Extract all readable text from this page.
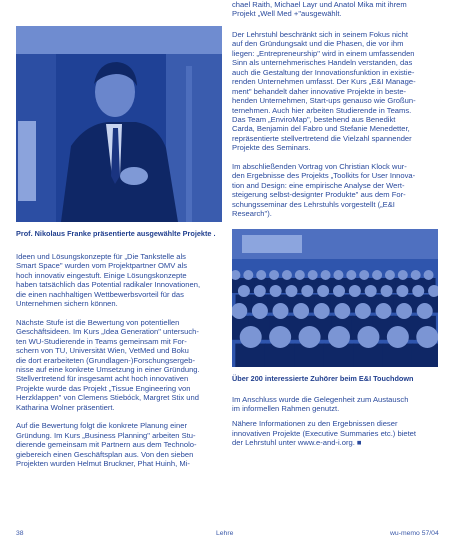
Prof. Nikolaus Franke präsentierte ausgewählte Projekte .

Ideen und Lösungskonzepte für „Die Tankstelle als

Smart Space" wurden vom Projektpartner OMV als

hoch innovativ eingestuft. Einige Lösungskonzepte

haben tatsächlich das Potential radikaler Innovationen,

die einen nachhaltigen Wettbewerbsvorteil für das

Unternehmen sichern können.

Nächste Stufe ist die Bewertung von potentiellen

Geschäftsideen. Im Kurs „Idea Generation" untersuch-

ten WU-Studierende in Teams gemeinsam mit For-

schern von TU, Universität Wien, VetMed und Boku

die dort erarbeiteten (Grundlagen-)Forschungsergeb-

nisse auf eine konkrete Umsetzung in einer Gründung.

Stellvertretend für insgesamt acht hoch innovativen

Projekte wurde das Projekt „Tissue Engineering von

Herzklappen" von Clemens Stiebóck, Margret Stix und

Katharina Wolner präsentiert.

Auf die Bewertung folgt die konkrete Planung einer

Gründung. Im Kurs „Business Planning" arbeiten Stu-

dierende gemeinsam mit Partnern aus dem Technolo-

giebereich einen Geschäftsplan aus. Von den sieben

Projekten wurden Helmut Bruckner, Phat Huinh, Mi-

chael Raith, Michael Layr und Anatol Mika mit ihrem

Projekt „Well Med +"ausgewählt.

Der Lehrstuhl beschränkt sich in seinem Fokus nicht

auf den Gründungsakt und die Phasen, die vor ihm

liegen: „Entrepreneurship" wird in einem umfassenden

Sinn als unternehmerisches Handeln verstanden, das

auch die Gestaltung der Innovationsfunktion in existie-

renden Unternehmen umfasst. Der Kurs „E&I Manage-

ment" behandelt daher innovative Projekte in beste-

henden Unternehmen, Start-ups genauso wie Großun-

ternehmen. Auch hier arbeiten Studierende in Teams.

Das Team „EnviroMap", bestehend aus Benedikt

Carda, Benjamin del Fabro und Stefanie Menedetter,

repräsentierte stellvertretend die Vielzahl spannender

Projekte des Seminars.

Im abschließenden Vortrag von Christian Klock wur-

den Ergebnisse des Projekts „Toolkits for User Innova-

tion and Design: eine empirische Analyse der Wert-

steigerung selbst-designter Produkte" aus dem For-

schungsseminar des Lehrstuhls vorgestellt („E&I

Research").

Über 200 interessierte Zuhörer beim E&I Touchdown

Im Anschluss wurde die Gelegenheit zum Austausch

im informellen Rahmen genutzt.

Nähere Informationen zu den Ergebnissen dieser

innovativen Projekte (Executive Summaries etc.) bietet

der Lehrstuhl unter www.e-and-i.org. ■

38	Lehre	wu-memo 57/04
